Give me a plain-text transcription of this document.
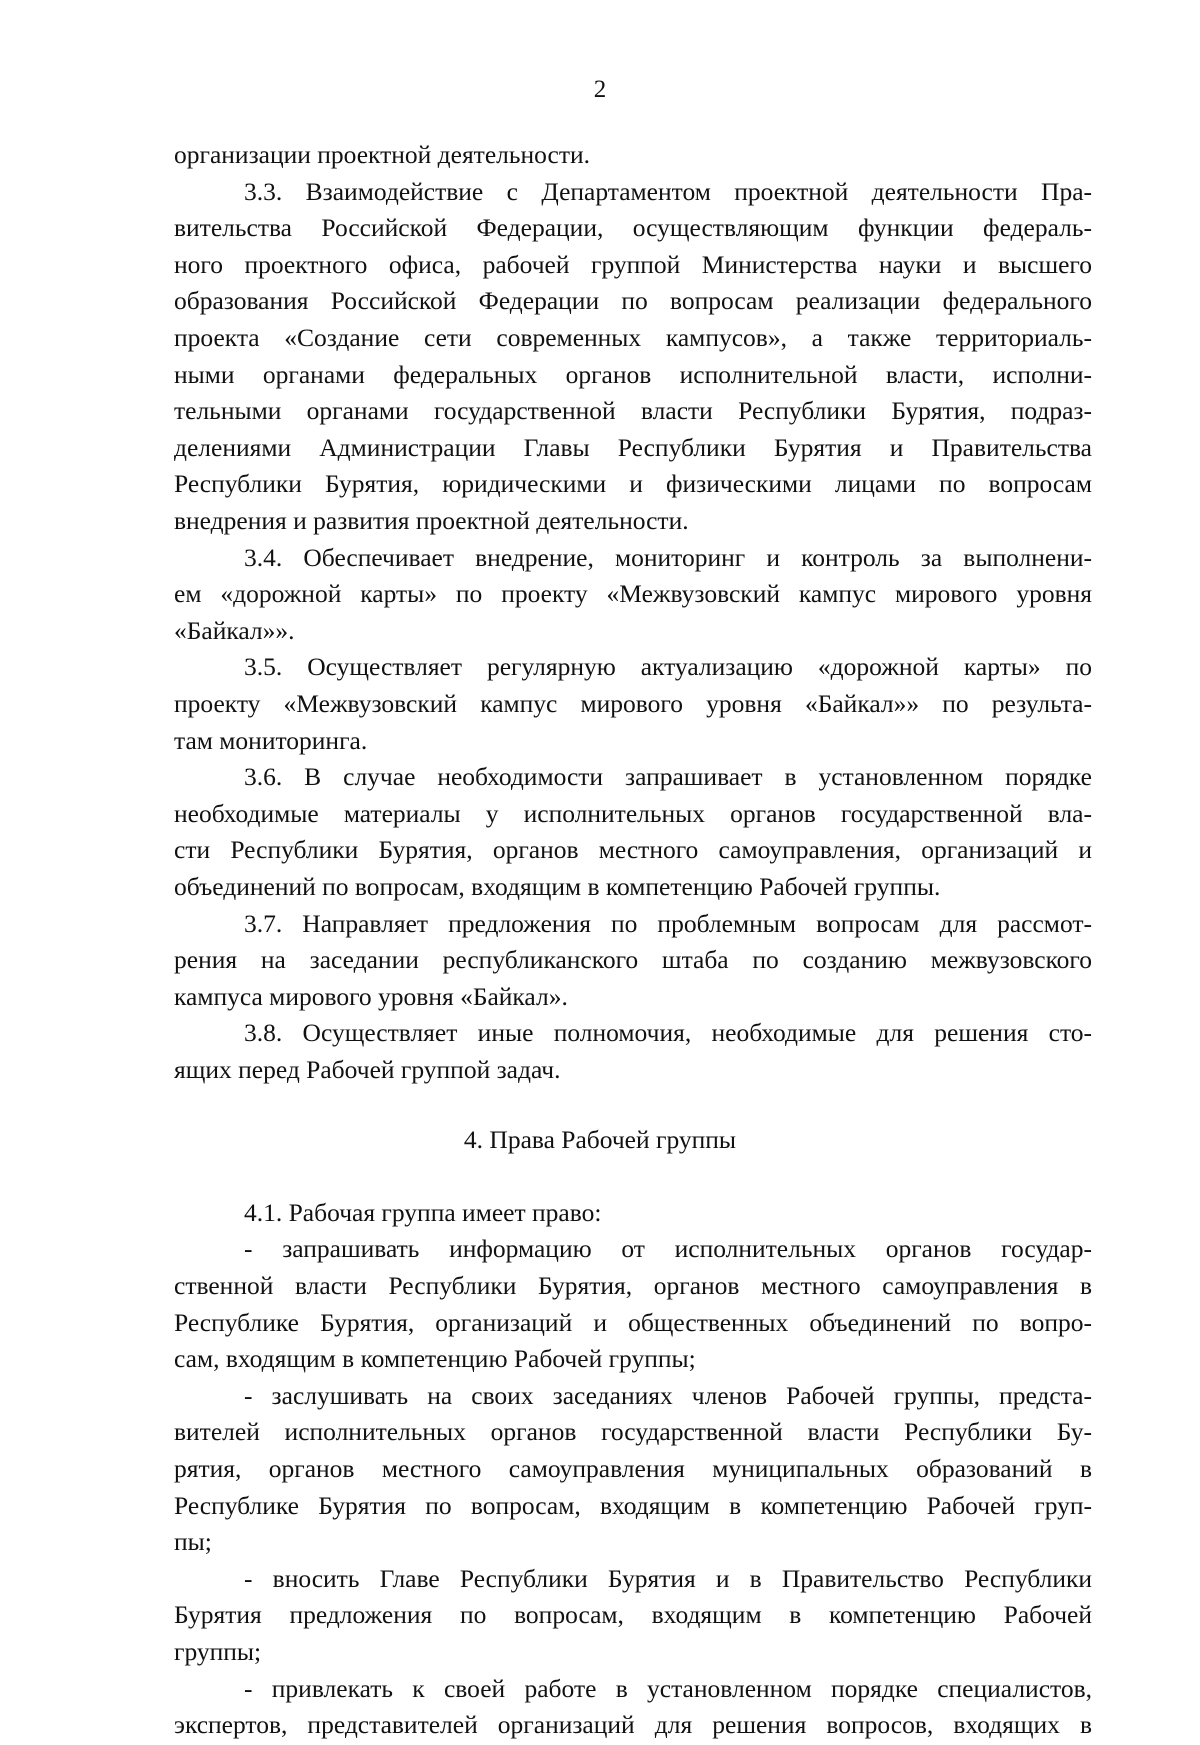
2
организации проектной деятельности.
3.3. Взаимодействие с Департаментом проектной деятельности Пра-
вительства Российской Федерации, осуществляющим функции федераль-
ного проектного офиса, рабочей группой Министерства науки и высшего
образования Российской Федерации по вопросам реализации федерального
проекта «Создание сети современных кампусов», а также территориаль-
ными органами федеральных органов исполнительной власти, исполни-
тельными органами государственной власти Республики Бурятия, подраз-
делениями Администрации Главы Республики Бурятия и Правительства
Республики Бурятия, юридическими и физическими лицами по вопросам
внедрения и развития проектной деятельности.
3.4. Обеспечивает внедрение, мониторинг и контроль за выполнени-
ем «дорожной карты» по проекту «Межвузовский кампус мирового уровня
«Байкал»».
3.5. Осуществляет регулярную актуализацию «дорожной карты» по
проекту «Межвузовский кампус мирового уровня «Байкал»» по результа-
там мониторинга.
3.6. В случае необходимости запрашивает в установленном порядке
необходимые материалы у исполнительных органов государственной вла-
сти Республики Бурятия, органов местного самоуправления, организаций и
объединений по вопросам, входящим в компетенцию Рабочей группы.
3.7. Направляет предложения по проблемным вопросам для рассмот-
рения на заседании республиканского штаба по созданию межвузовского
кампуса мирового уровня «Байкал».
3.8. Осуществляет иные полномочия, необходимые для решения сто-
ящих перед Рабочей группой задач.
4. Права Рабочей группы
4.1. Рабочая группа имеет право:
- запрашивать информацию от исполнительных органов государ-
ственной власти Республики Бурятия, органов местного самоуправления в
Республике Бурятия, организаций и общественных объединений по вопро-
сам, входящим в компетенцию Рабочей группы;
- заслушивать на своих заседаниях членов Рабочей группы, предста-
вителей исполнительных органов государственной власти Республики Бу-
рятия, органов местного самоуправления муниципальных образований в
Республике Бурятия по вопросам, входящим в компетенцию Рабочей груп-
пы;
- вносить Главе Республики Бурятия и в Правительство Республики
Бурятия предложения по вопросам, входящим в компетенцию Рабочей
группы;
- привлекать к своей работе в установленном порядке специалистов,
экспертов, представителей организаций для решения вопросов, входящих в
